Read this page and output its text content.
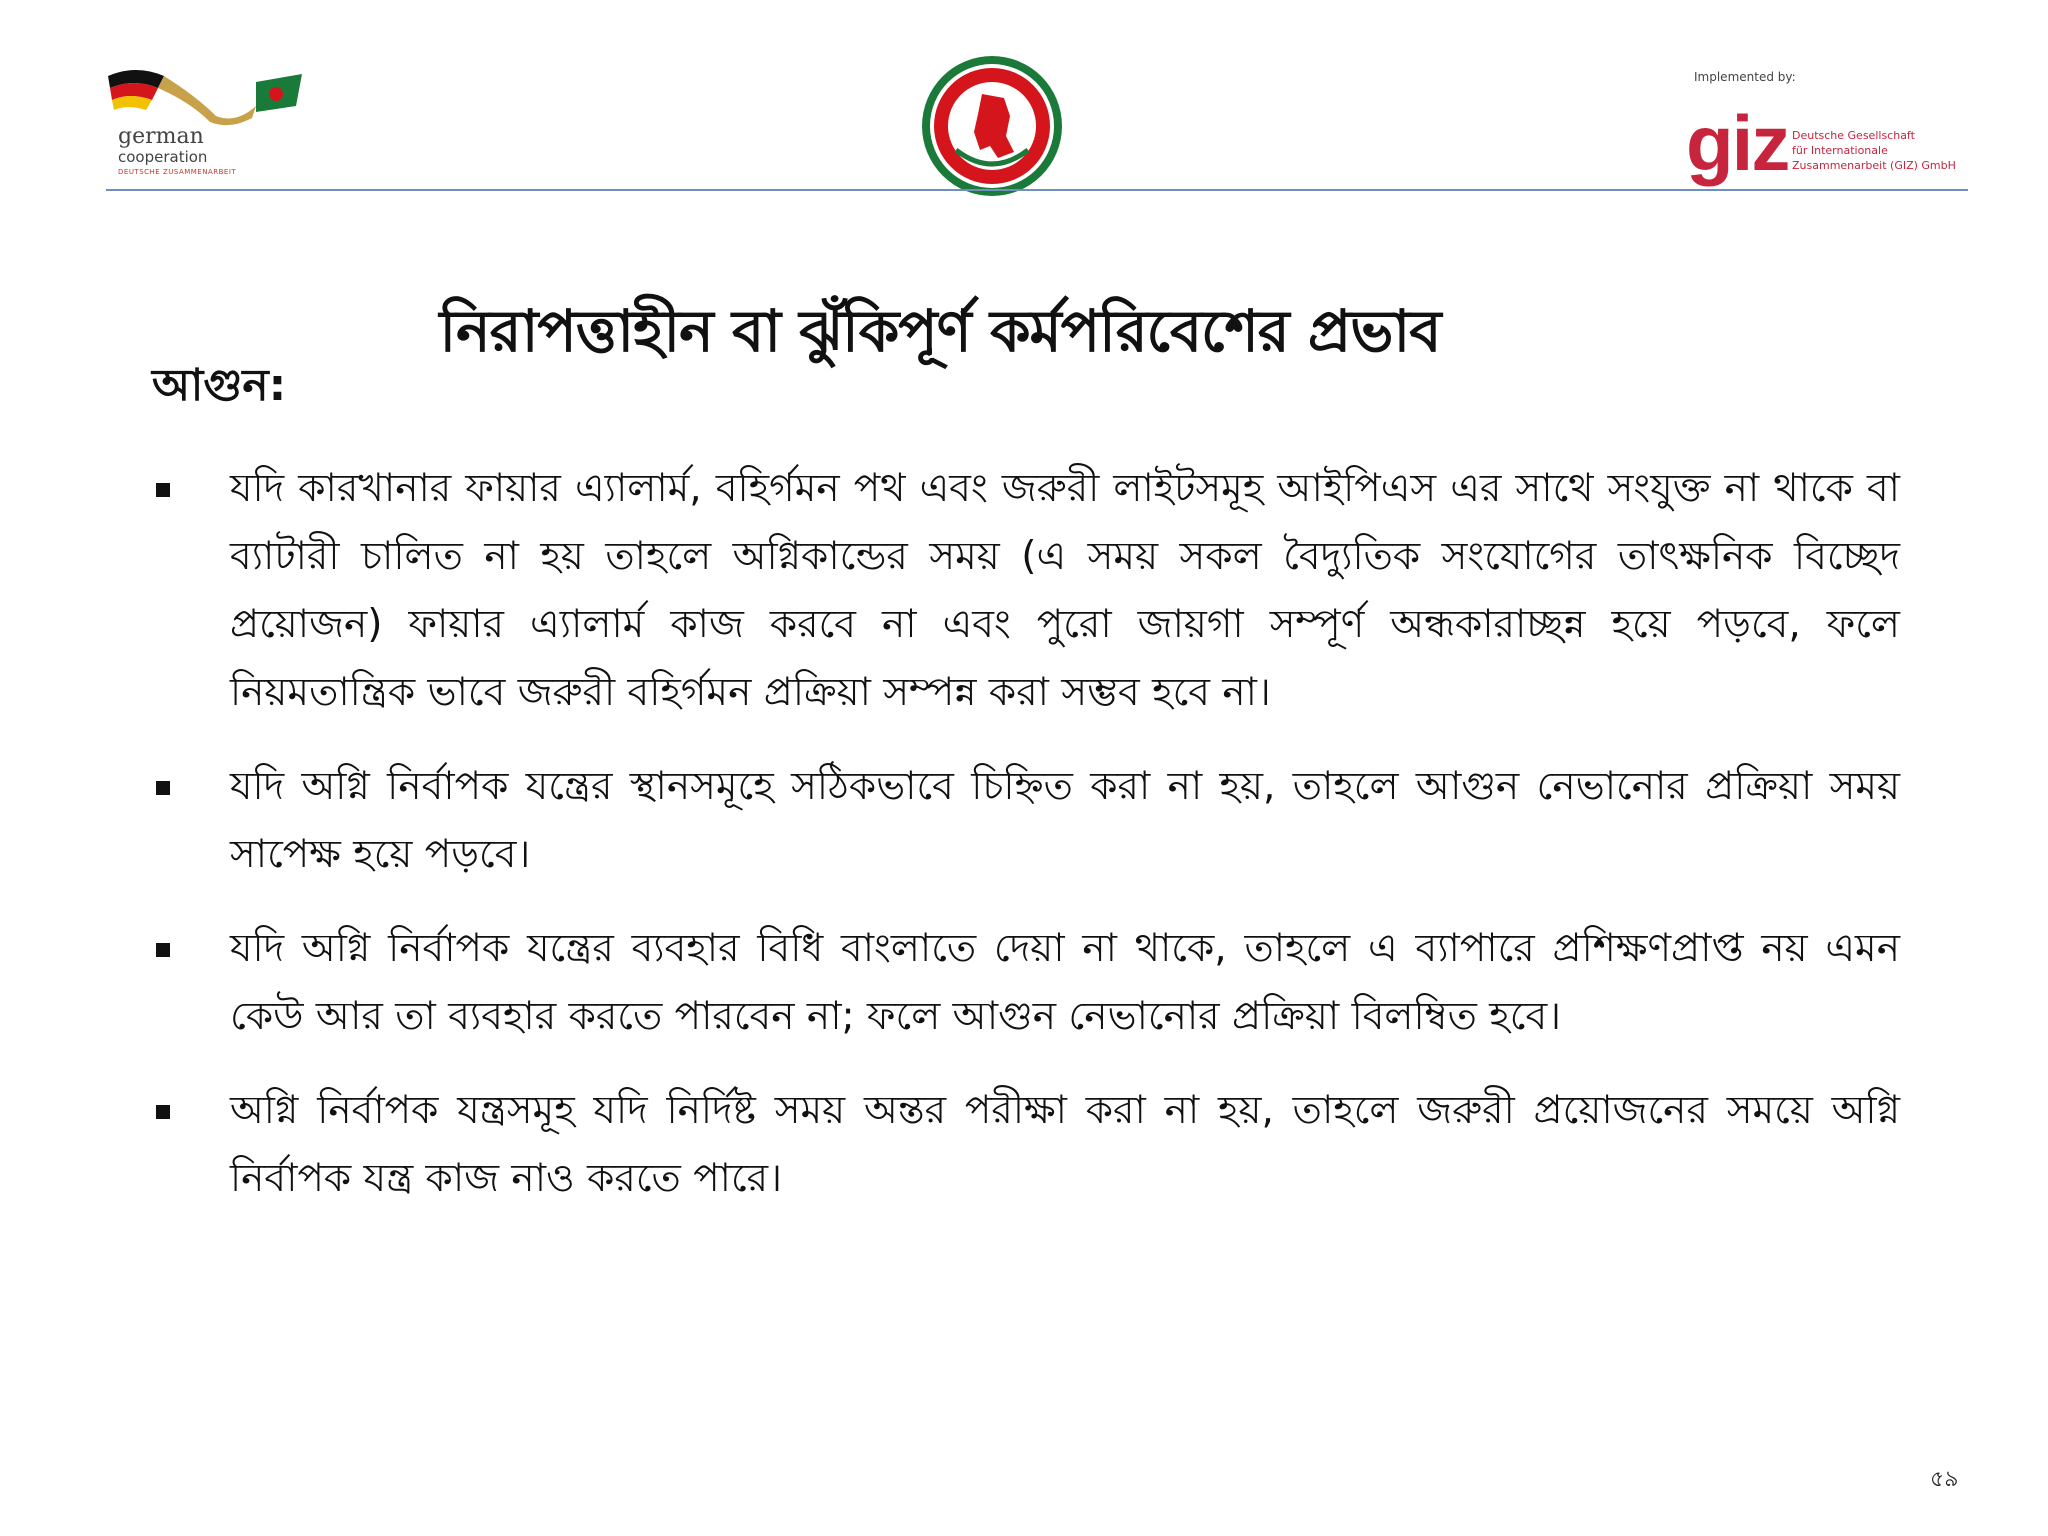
german
cooperation
DEUTSCHE ZUSAMMENARBEIT
Implemented by:
giz Deutsche Gesellschaft
für Internationale
Zusammenarbeit (GIZ) GmbH
নিরাপত্তাহীন বা ঝুঁকিপূর্ণ কর্মপরিবেশের প্রভাব
আগুন:
যদি কারখানার ফায়ার এ্যালার্ম, বহির্গমন পথ এবং জরুরী লাইটসমূহ আইপিএস এর সাথে সংযুক্ত না থাকে বা ব্যাটারী চালিত না হয় তাহলে অগ্নিকান্ডের সময় (এ সময় সকল বৈদ্যুতিক সংযোগের তাৎক্ষনিক বিচ্ছেদ প্রয়োজন) ফায়ার এ্যালার্ম কাজ করবে না এবং পুরো জায়গা সম্পূর্ণ অন্ধকারাচ্ছন্ন হয়ে পড়বে, ফলে নিয়মতান্ত্রিক ভাবে জরুরী বহির্গমন প্রক্রিয়া সম্পন্ন করা সম্ভব হবে না।
যদি অগ্নি নির্বাপক যন্ত্রের স্থানসমূহে সঠিকভাবে চিহ্নিত করা না হয়, তাহলে আগুন নেভানোর প্রক্রিয়া সময় সাপেক্ষ হয়ে পড়বে।
যদি অগ্নি নির্বাপক যন্ত্রের ব্যবহার বিধি বাংলাতে দেয়া না থাকে, তাহলে এ ব্যাপারে প্রশিক্ষণপ্রাপ্ত নয় এমন কেউ আর তা ব্যবহার করতে পারবেন না; ফলে আগুন নেভানোর প্রক্রিয়া বিলম্বিত হবে।
অগ্নি নির্বাপক যন্ত্রসমূহ যদি নির্দিষ্ট সময় অন্তর পরীক্ষা করা না হয়, তাহলে জরুরী প্রয়োজনের সময়ে অগ্নি নির্বাপক যন্ত্র কাজ নাও করতে পারে।
৫৯
